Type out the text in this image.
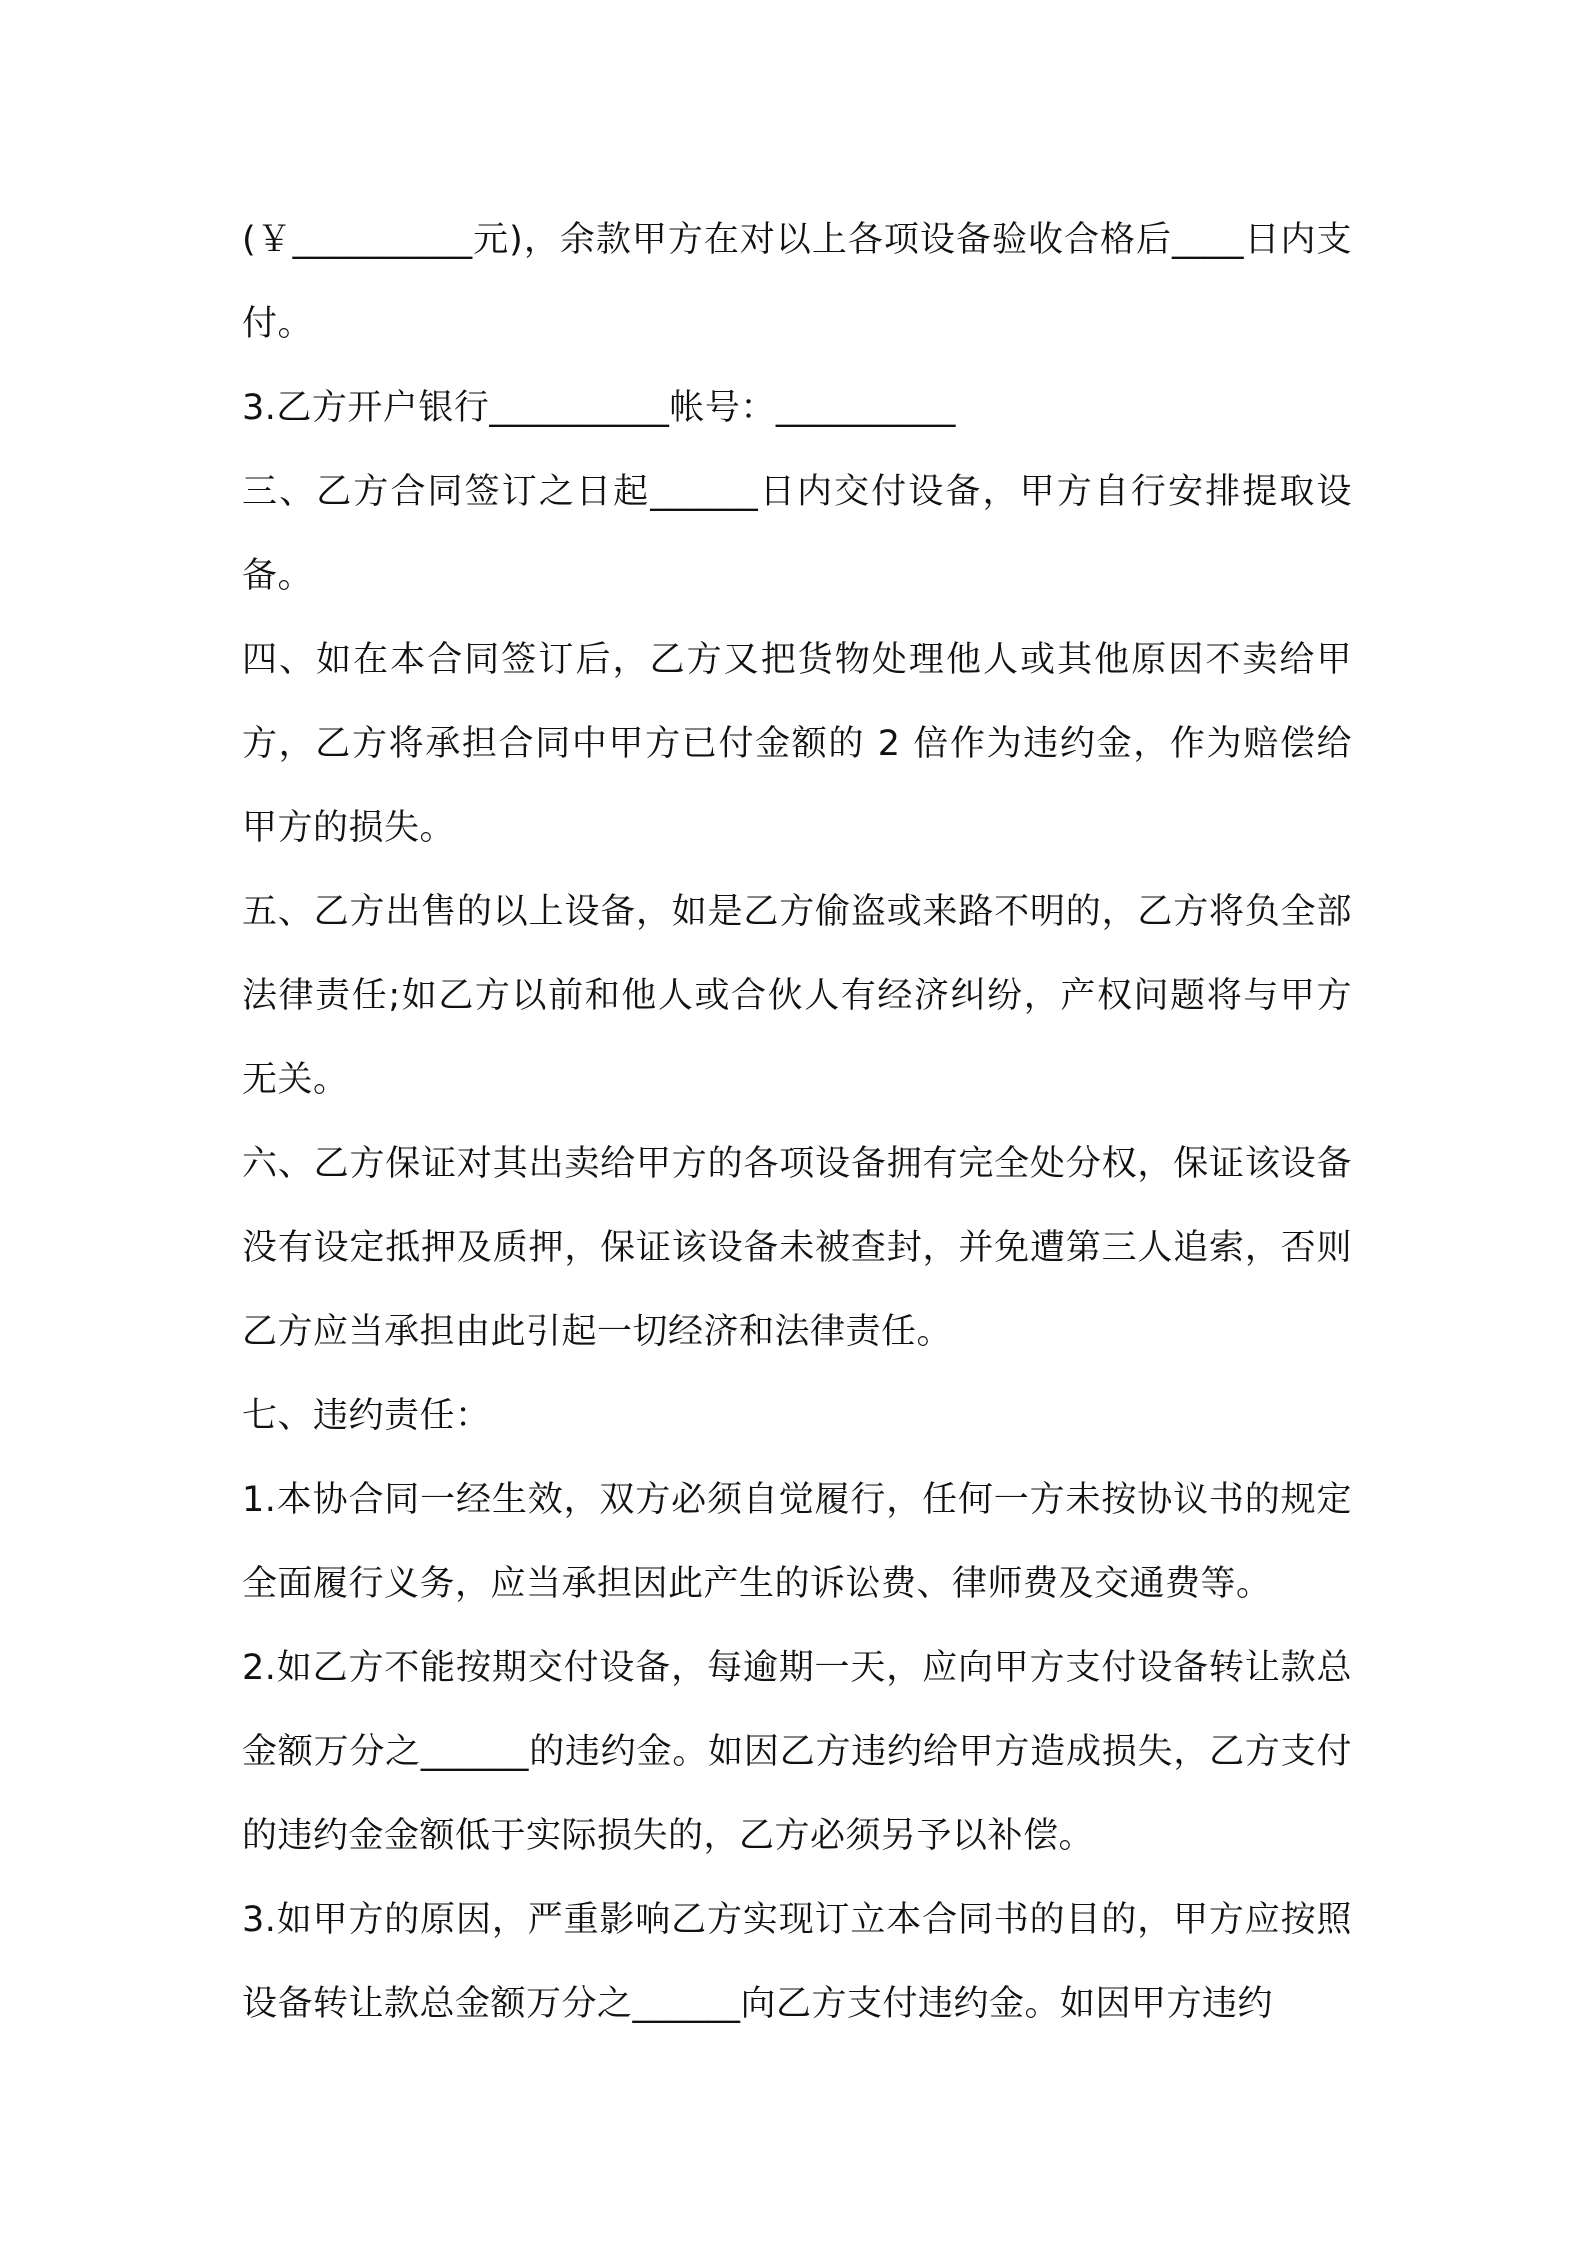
(￥__________元)，余款甲方在对以上各项设备验收合格后____日内支付。

3.乙方开户银行__________帐号：__________

三、乙方合同签订之日起______日内交付设备，甲方自行安排提取设备。

四、如在本合同签订后，乙方又把货物处理他人或其他原因不卖给甲方，乙方将承担合同中甲方已付金额的 2 倍作为违约金，作为赔偿给甲方的损失。

五、乙方出售的以上设备，如是乙方偷盗或来路不明的，乙方将负全部法律责任;如乙方以前和他人或合伙人有经济纠纷，产权问题将与甲方无关。

六、乙方保证对其出卖给甲方的各项设备拥有完全处分权，保证该设备没有设定抵押及质押，保证该设备未被查封，并免遭第三人追索，否则乙方应当承担由此引起一切经济和法律责任。

七、违约责任：

1.本协合同一经生效，双方必须自觉履行，任何一方未按协议书的规定全面履行义务，应当承担因此产生的诉讼费、律师费及交通费等。

2.如乙方不能按期交付设备，每逾期一天，应向甲方支付设备转让款总金额万分之______的违约金。如因乙方违约给甲方造成损失，乙方支付的违约金金额低于实际损失的，乙方必须另予以补偿。

3.如甲方的原因，严重影响乙方实现订立本合同书的目的，甲方应按照设备转让款总金额万分之______向乙方支付违约金。如因甲方违约
